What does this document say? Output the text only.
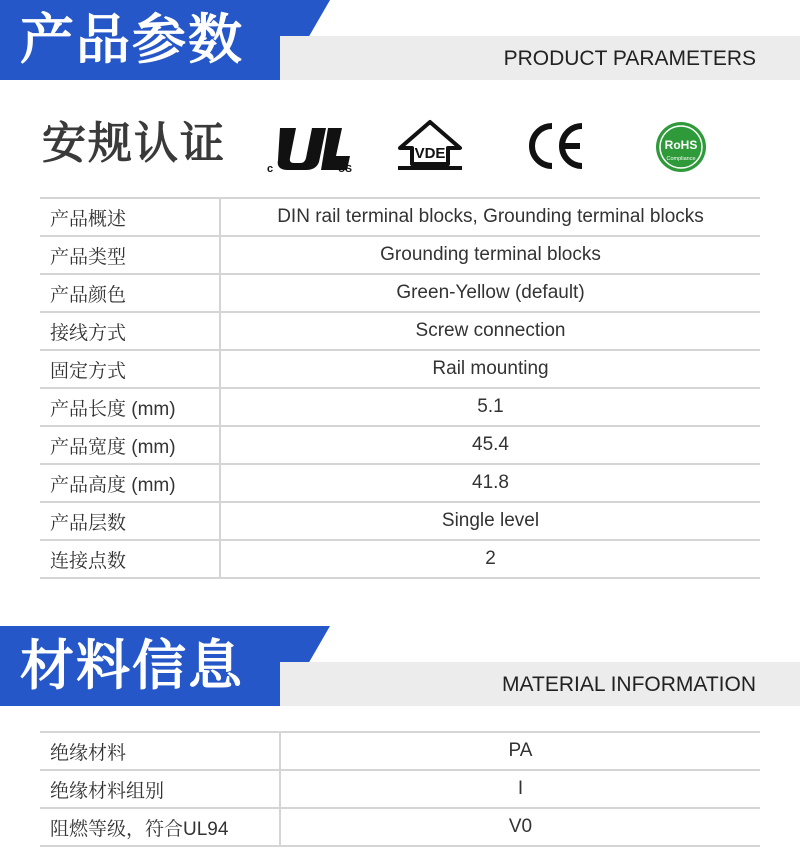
产品参数	PRODUCT PARAMETERS
安规认证
c	US
VDE	RoHS
Compliance
产品概述	DIN rail terminal blocks, Grounding terminal blocks
产品类型	Grounding terminal blocks
产品颜色	Green-Yellow (default)
接线方式	Screw connection
固定方式	Rail mounting
产品长度 (mm)	5.1
产品宽度 (mm)	45.4
产品高度 (mm)	41.8
产品层数	Single level
连接点数	2
材料信息	MATERIAL INFORMATION
绝缘材料	PA
绝缘材料组别	I
阻燃等级，符合UL94	V0
